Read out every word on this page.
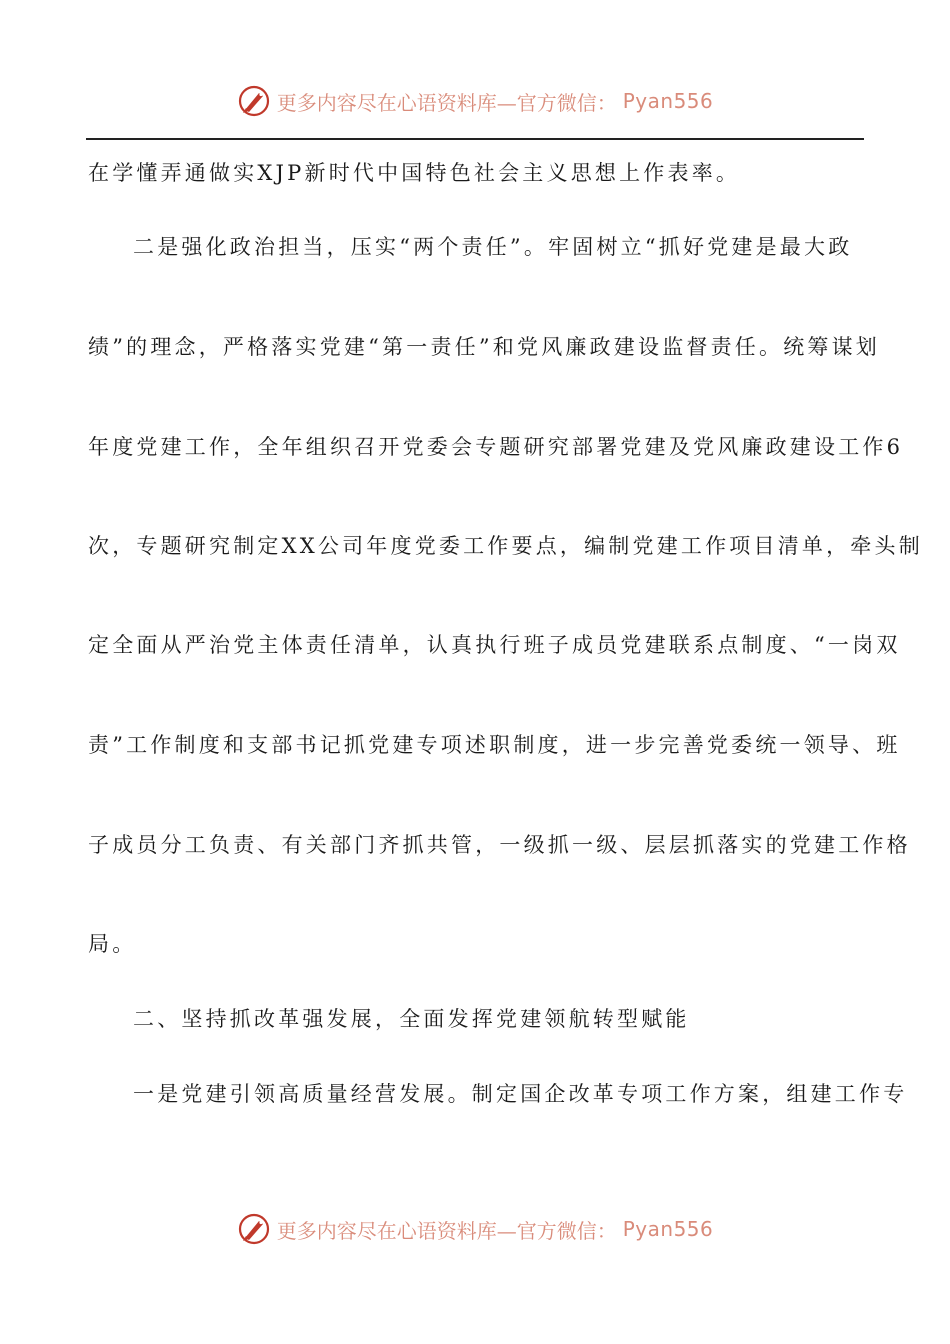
更多内容尽在心语资料库—官方微信： Pyan556
在学懂弄通做实XJP新时代中国特色社会主义思想上作表率。
二是强化政治担当，压实“两个责任”。牢固树立“抓好党建是最大政
绩”的理念，严格落实党建“第一责任”和党风廉政建设监督责任。统筹谋划
年度党建工作，全年组织召开党委会专题研究部署党建及党风廉政建设工作6
次，专题研究制定XX公司年度党委工作要点，编制党建工作项目清单，牵头制
定全面从严治党主体责任清单，认真执行班子成员党建联系点制度、“一岗双
责”工作制度和支部书记抓党建专项述职制度，进一步完善党委统一领导、班
子成员分工负责、有关部门齐抓共管，一级抓一级、层层抓落实的党建工作格
局。
二、坚持抓改革强发展，全面发挥党建领航转型赋能
一是党建引领高质量经营发展。制定国企改革专项工作方案，组建工作专
更多内容尽在心语资料库—官方微信： Pyan556
